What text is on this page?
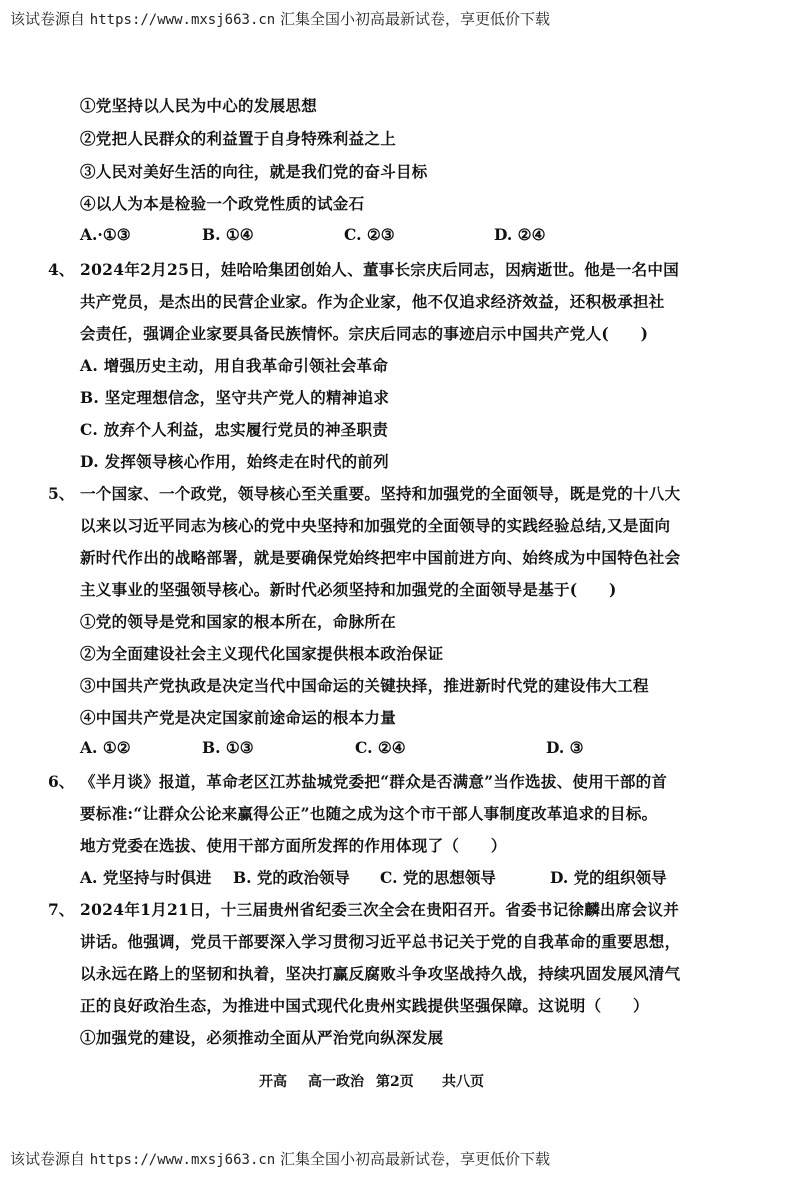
该试卷源自 https://www.mxsj663.cn 汇集全国小初高最新试卷，享更低价下载
①党坚持以人民为中心的发展思想
②党把人民群众的利益置于自身特殊利益之上
③人民对美好生活的向往，就是我们党的奋斗目标
④以人为本是检验一个政党性质的试金石
A.·①③	B. ①④	C. ②③	D. ②④
4、 2024年2月25日，娃哈哈集团创始人、董事长宗庆后同志，因病逝世。他是一名中国
共产党员，是杰出的民营企业家。作为企业家，他不仅追求经济效益，还积极承担社
会责任，强调企业家要具备民族情怀。宗庆后同志的事迹启示中国共产党人(　　)
A. 增强历史主动，用自我革命引领社会革命
B. 坚定理想信念，坚守共产党人的精神追求
C. 放弃个人利益，忠实履行党员的神圣职责
D. 发挥领导核心作用，始终走在时代的前列
5、 一个国家、一个政党，领导核心至关重要。坚持和加强党的全面领导，既是党的十八大
以来以习近平同志为核心的党中央坚持和加强党的全面领导的实践经验总结,又是面向
新时代作出的战略部署，就是要确保党始终把牢中国前进方向、始终成为中国特色社会
主义事业的坚强领导核心。新时代必须坚持和加强党的全面领导是基于(　　)
①党的领导是党和国家的根本所在，命脉所在
②为全面建设社会主义现代化国家提供根本政治保证
③中国共产党执政是决定当代中国命运的关键抉择，推进新时代党的建设伟大工程
④中国共产党是决定国家前途命运的根本力量
A. ①②	B. ①③	C. ②④	D. ③
6、 《半月谈》报道，革命老区江苏盐城党委把“群众是否满意”当作选拔、使用干部的首
要标准:“让群众公论来赢得公正”也随之成为这个市干部人事制度改革追求的目标。
地方党委在选拔、使用干部方面所发挥的作用体现了（　　）
A. 党坚持与时俱进 B. 党的政治领导 C. 党的思想领导	D. 党的组织领导
7、 2024年1月21日，十三届贵州省纪委三次全会在贵阳召开。省委书记徐麟出席会议并
讲话。他强调，党员干部要深入学习贯彻习近平总书记关于党的自我革命的重要思想，
以永远在路上的坚韧和执着，坚决打赢反腐败斗争攻坚战持久战，持续巩固发展风清气
正的良好政治生态，为推进中国式现代化贵州实践提供坚强保障。这说明（　　）
①加强党的建设，必须推动全面从严治党向纵深发展
开高 高一政治 第2页 共八页
该试卷源自 https://www.mxsj663.cn 汇集全国小初高最新试卷，享更低价下载
